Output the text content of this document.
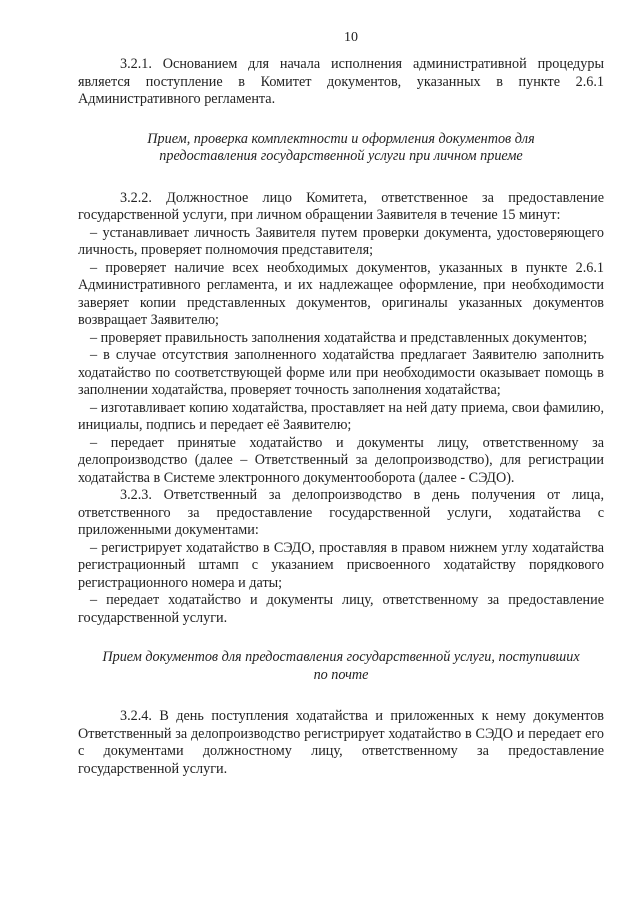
10

3.2.1. Основанием для начала исполнения административной процедуры является поступление в Комитет документов, указанных в пункте 2.6.1 Административного регламента.

Прием, проверка комплектности и оформления документов для предоставления государственной услуги при личном приеме

3.2.2. Должностное лицо Комитета, ответственное за предоставление государственной услуги, при личном обращении Заявителя в течение 15 минут:

– устанавливает личность Заявителя путем проверки документа, удостоверяющего личность, проверяет полномочия представителя;

– проверяет наличие всех необходимых документов, указанных в пункте 2.6.1 Административного регламента, и их надлежащее оформление, при необходимости заверяет копии представленных документов, оригиналы указанных документов возвращает Заявителю;

– проверяет правильность заполнения ходатайства и представленных документов;

– в случае отсутствия заполненного ходатайства предлагает Заявителю заполнить ходатайство по соответствующей форме или при необходимости оказывает помощь в заполнении ходатайства, проверяет точность заполнения ходатайства;

– изготавливает копию ходатайства, проставляет на ней дату приема, свои фамилию, инициалы, подпись и передает её Заявителю;

– передает принятые ходатайство и документы лицу, ответственному за делопроизводство (далее – Ответственный за делопроизводство), для регистрации ходатайства в Системе электронного документооборота (далее - СЭДО).

3.2.3. Ответственный за делопроизводство в день получения от лица, ответственного за предоставление государственной услуги, ходатайства с приложенными документами:

– регистрирует ходатайство в СЭДО, проставляя в правом нижнем углу ходатайства регистрационный штамп с указанием присвоенного ходатайству порядкового регистрационного номера и даты;

– передает ходатайство и документы лицу, ответственному за предоставление государственной услуги.

Прием документов для предоставления государственной услуги, поступивших по почте

3.2.4. В день поступления ходатайства и приложенных к нему документов Ответственный за делопроизводство регистрирует ходатайство в СЭДО и передает его с документами должностному лицу, ответственному за предоставление государственной услуги.
